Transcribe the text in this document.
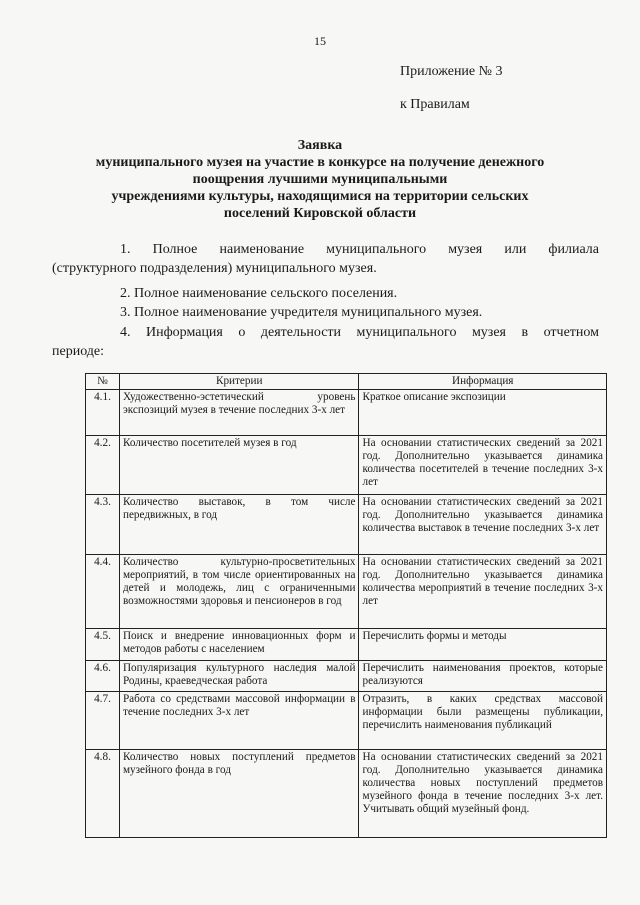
15
Приложение № 3
к Правилам
Заявка
муниципального музея на участие в конкурсе на получение денежного
поощрения лучшими муниципальными
учреждениями культуры, находящимися на территории сельских
поселений Кировской области
1. Полное наименование муниципального музея или филиала
(структурного подразделения) муниципального музея.
2. Полное наименование сельского поселения.
3. Полное наименование учредителя муниципального музея.
4. Информация о деятельности муниципального музея в отчетном
периоде:
№	Критерии	Информация
4.1.	Художественно-эстетический уровень экспозиций музея в течение последних 3-х лет	Краткое описание экспозиции
4.2.	Количество посетителей музея в год	На основании статистических сведений за 2021 год. Дополнительно указывается динамика количества посетителей в течение последних 3-х лет
4.3.	Количество выставок, в том числе передвижных, в год	На основании статистических сведений за 2021 год. Дополнительно указывается динамика количества выставок в течение последних 3-х лет
4.4.	Количество культурно-просветительных мероприятий, в том числе ориентированных на детей и молодежь, лиц с ограниченными возможностями здоровья и пенсионеров в год	На основании статистических сведений за 2021 год. Дополнительно указывается динамика количества мероприятий в течение последних 3-х лет
4.5.	Поиск и внедрение инновационных форм и методов работы с населением	Перечислить формы и методы
4.6.	Популяризация культурного наследия малой Родины, краеведческая работа	Перечислить наименования проектов, которые реализуются
4.7.	Работа со средствами массовой информации в течение последних 3-х лет	Отразить, в каких средствах массовой информации были размещены публикации, перечислить наименования публикаций
4.8.	Количество новых поступлений предметов музейного фонда в год	На основании статистических сведений за 2021 год. Дополнительно указывается динамика количества новых поступлений предметов музейного фонда в течение последних 3-х лет. Учитывать общий музейный фонд.
